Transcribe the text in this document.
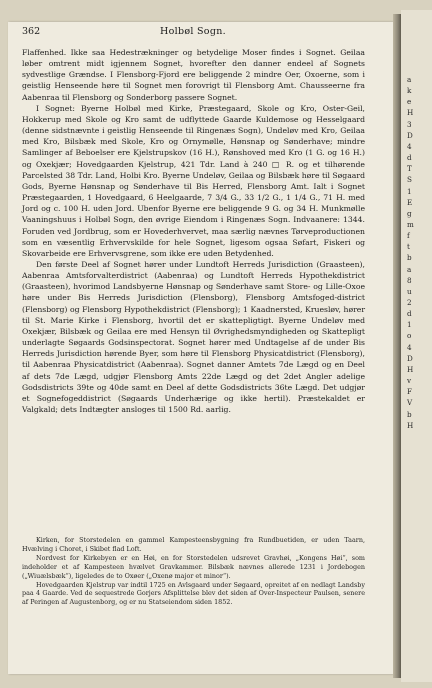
a
k
e
H
3
D
4
d
T
S
1
E
g
m
f
t
b
a
8
u
2
d
1
o
4
D
H
v
F
V
b
H
362	Holbøl Sogn.

Flaffenhed. Ikke saa Hedestrækninger og betydelige Moser findes i Sognet. Geilaa løber omtrent midt igjennem Sognet, hvorefter den danner endeel af Sognets sydvestlige Grændse. I Flensborg-Fjord ere beliggende 2 mindre Oer, Oxoerne, som i geistlig Henseende høre til Sognet men forovrigt til Flensborg Amt. Chausseerne fra Aabenraa til Flensborg og Sonderborg passere Sognet.

I Sognet: Byerne Holbøl med Kirke, Præstegaard, Skole og Kro, Oster-Geil, Hokkerup med Skole og Kro samt de udflyttede Gaarde Kuldemose og Hesselgaard (denne sidstnævnte i geistlig Henseende til Ringenæs Sogn), Undeløv med Kro, Geilaa med Kro, Bilsbæk med Skole, Kro og Ornymølle, Hønsnap og Sønderhave; mindre Samlinger af Beboelser ere Kjelstrupskov (16 H.), Rønshoved med Kro (1 G. og 16 H.) og Oxekjær; Hovedgaarden Kjelstrup, 421 Tdr. Land à 240 □ R. og et tilhørende Parcelsted 38 Tdr. Land, Holbi Kro. Byerne Undeløv, Geilaa og Bilsbæk høre til Søgaard Gods, Byerne Hønsnap og Sønderhave til Bis Herred, Flensborg Amt. Ialt i Sognet Præstegaarden, 1 Hovedgaard, 6 Heelgaarde, 7 3/4 G., 33 1/2 G., 1 1/4 G., 71 H. med Jord og c. 100 H. uden Jord. Ubenfor Byerne ere beliggende 9 G. og 34 H. Munkmølle Vaaningshuus i Holbøl Sogn, den øvrige Eiendom i Ringenæs Sogn. Indvaanere: 1344. Foruden ved Jordbrug, som er Hovederhvervet, maa særlig nævnes Tørveproductionen som en væsentlig Erhvervskilde for hele Sognet, ligesom ogsaa Søfart, Fiskeri og Skovarbeide ere Erhvervsgrene, som ikke ere uden Betydenhed.

Den første Deel af Sognet hører under Lundtoft Herreds Jurisdiction (Graasteen), Aabenraa Amtsforvalterdistrict (Aabenraa) og Lundtoft Herreds Hypothekdistrict (Graasteen), hvorimod Landsbyerne Hønsnap og Sønderhave samt Store- og Lille-Oxoe høre under Bis Herreds Jurisdiction (Flensborg), Flensborg Amtsfoged-district (Flensborg) og Flensborg Hypothekdistrict (Flensborg); 1 Kaadnersted, Kruesløv, hører til St. Marie Kirke i Flensborg, hvortil det er skattepligtigt. Byerne Undeløv med Oxekjær, Bilsbæk og Geilaa ere med Hensyn til Øvrighedsmyndigheden og Skattepligt underlagte Søgaards Godsinspectorat. Sognet hører med Undtagelse af de under Bis Herreds Jurisdiction hørende Byer, som høre til Flensborg Physicatdistrict (Flensborg), til Aabenraa Physicatdistrict (Aabenraa). Sognet danner Amtets 7de Lægd og en Deel af dets 7de Lægd, udgjør Flensborg Amts 22de Lægd og det 2det Angler adelige Godsdistricts 39te og 40de samt en Deel af dette Godsdistricts 36te Lægd. Det udgjør et Sognefogeddistrict (Søgaards Underhærige og ikke hertil). Præstekaldet er Valgkald; dets Indtægter ansloges til 1500 Rd. aarlig.

Kirken, for Storstedelen en gammel Kampesteensbygning fra Rundbuetiden, er uden Taarn, Hvælving i Choret, i Skibet flad Loft.

Nordvest for Kirkebyen er en Høi, en for Storstedelen udsrevet Gravhøi, „Kongens Høi“, som indeholder et af Kampesteen hvælvet Gravkammer. Bilsbæk nævnes allerede 1231 i Jordebogen („Wiuælsbæk“), ligeledes de to Oxøer („Oxenø major et minor“).

Hovedgaarden Kjelstrup var indtil 1725 en Avlsgaard under Søgaard, opreitet af en nedlagt Landsby paa 4 Gaarde. Ved de sequestrede Gorjers Afsplittelse blev det siden af Over-Inspecteur Paulsen, senere af Peringen af Augustenborg, og er nu Statseiendom siden 1852.
